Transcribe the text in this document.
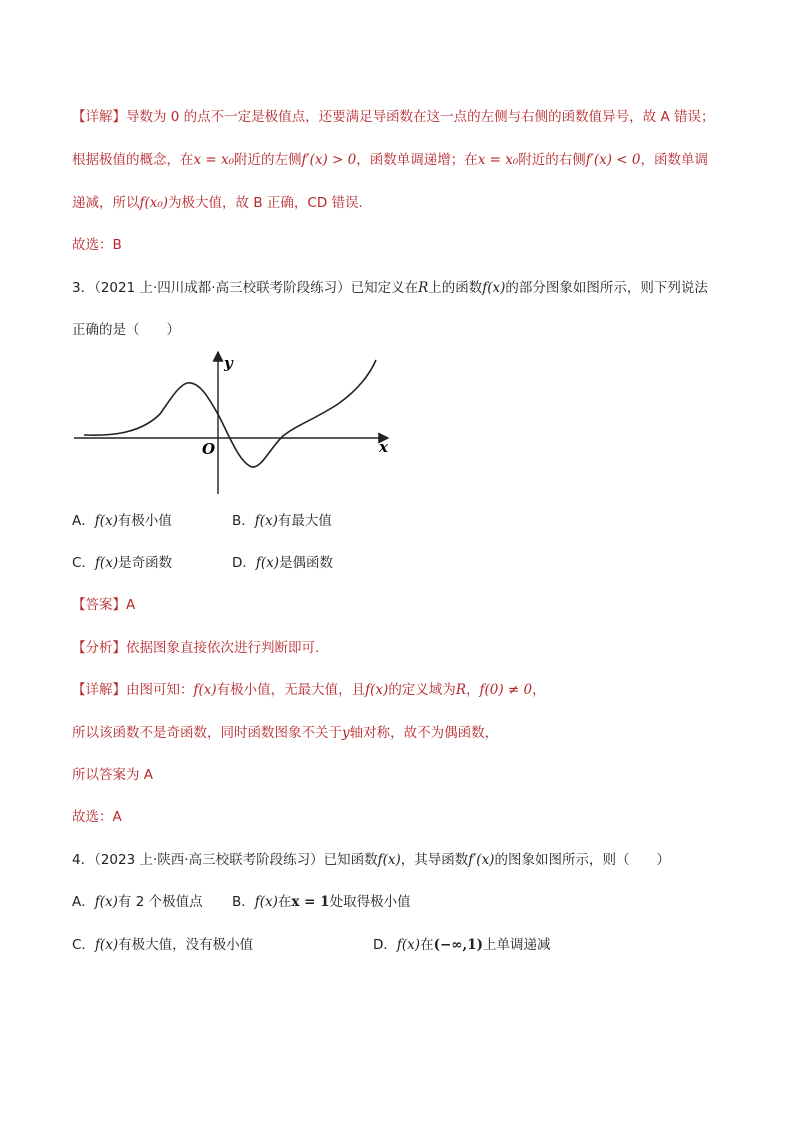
【详解】导数为 0 的点不一定是极值点，还要满足导函数在这一点的左侧与右侧的函数值异号，故 A 错误；
根据极值的概念，在x = x₀附近的左侧f′(x) > 0，函数单调递增；在x = x₀附近的右侧f′(x) < 0，函数单调
递减，所以f(x₀)为极大值，故 B 正确，CD 错误．
故选：B
3．（2021 上·四川成都·高三校联考阶段练习）已知定义在R上的函数f(x)的部分图象如图所示，则下列说法
正确的是（　　）
y
x
O
A．f(x)有极小值	B．f(x)有最大值
C．f(x)是奇函数	D．f(x)是偶函数
【答案】A
【分析】依据图象直接依次进行判断即可.
【详解】由图可知：f(x)有极小值，无最大值，且f(x)的定义域为R，f(0) ≠ 0，
所以该函数不是奇函数，同时函数图象不关于y轴对称，故不为偶函数，
所以答案为 A
故选：A
4．（2023 上·陕西·高三校联考阶段练习）已知函数f(x)，其导函数f′(x)的图象如图所示，则（　　）
A．f(x)有 2 个极值点 B．f(x)在x = 1处取得极小值
C．f(x)有极大值，没有极小值	D．f(x)在(−∞,1)上单调递减
